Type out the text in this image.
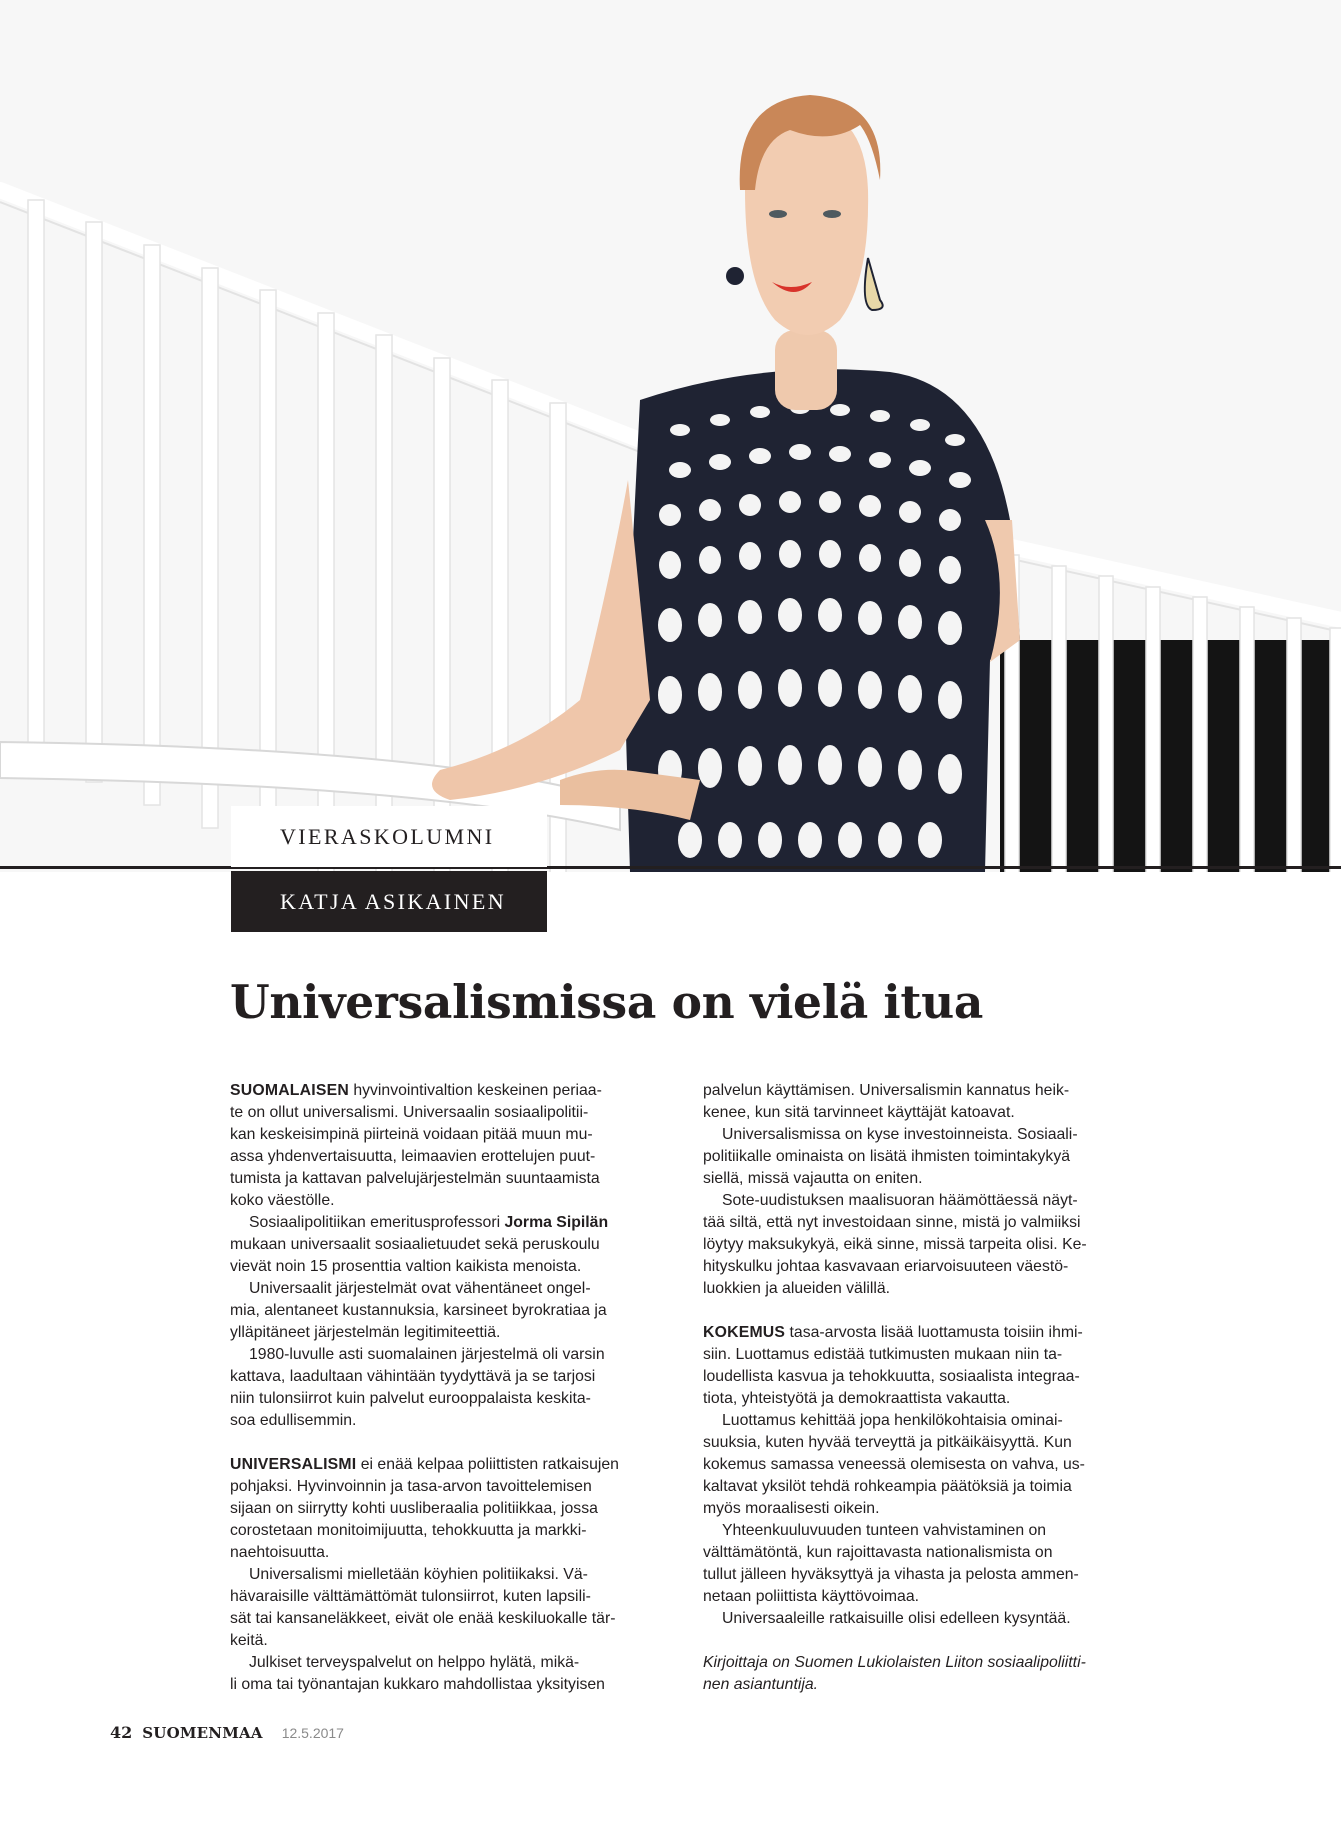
VIERASKOLUMNI
KATJA ASIKAINEN
Universalismissa on vielä itua

SUOMALAISEN hyvinvointivaltion keskeinen periaa-
te on ollut universalismi. Universaalin sosiaalipolitii-
kan keskeisimpinä piirteinä voidaan pitää muun mu-
assa yhdenvertaisuutta, leimaavien erottelujen puut-
tumista ja kattavan palvelujärjestelmän suuntaamista
koko väestölle.

Sosiaalipolitiikan emeritusprofessori Jorma Sipilän
mukaan universaalit sosiaalietuudet sekä peruskoulu
vievät noin 15 prosenttia valtion kaikista menoista.

Universaalit järjestelmät ovat vähentäneet ongel-
mia, alentaneet kustannuksia, karsineet byrokratiaa ja
ylläpitäneet järjestelmän legitimiteettiä.

1980-luvulle asti suomalainen järjestelmä oli varsin
kattava, laadultaan vähintään tyydyttävä ja se tarjosi
niin tulonsiirrot kuin palvelut eurooppalaista keskita-
soa edullisemmin.

UNIVERSALISMI ei enää kelpaa poliittisten ratkaisujen
pohjaksi. Hyvinvoinnin ja tasa-arvon tavoittelemisen
sijaan on siirrytty kohti uusliberaalia politiikkaa, jossa
corostetaan monitoimijuutta, tehokkuutta ja markki-
naehtoisuutta.

Universalismi mielletään köyhien politiikaksi. Vä-
hävaraisille välttämättömät tulonsiirrot, kuten lapsili-
sät tai kansaneläkkeet, eivät ole enää keskiluokalle tär-
keitä.

Julkiset terveyspalvelut on helppo hylätä, mikä-
li oma tai työnantajan kukkaro mahdollistaa yksityisen

palvelun käyttämisen. Universalismin kannatus heik-
kenee, kun sitä tarvinneet käyttäjät katoavat.

Universalismissa on kyse investoinneista. Sosiaali-
politiikalle ominaista on lisätä ihmisten toimintakykyä
siellä, missä vajautta on eniten.

Sote-uudistuksen maalisuoran häämöttäessä näyt-
tää siltä, että nyt investoidaan sinne, mistä jo valmiiksi
löytyy maksukykyä, eikä sinne, missä tarpeita olisi. Ke-
hityskulku johtaa kasvavaan eriarvoisuuteen väestö-
luokkien ja alueiden välillä.

KOKEMUS tasa-arvosta lisää luottamusta toisiin ihmi-
siin. Luottamus edistää tutkimusten mukaan niin ta-
loudellista kasvua ja tehokkuutta, sosiaalista integraa-
tiota, yhteistyötä ja demokraattista vakautta.

Luottamus kehittää jopa henkilökohtaisia ominai-
suuksia, kuten hyvää terveyttä ja pitkäikäisyyttä. Kun
kokemus samassa veneessä olemisesta on vahva, us-
kaltavat yksilöt tehdä rohkeampia päätöksiä ja toimia
myös moraalisesti oikein.

Yhteenkuuluvuuden tunteen vahvistaminen on
välttämätöntä, kun rajoittavasta nationalismista on
tullut jälleen hyväksyttyä ja vihasta ja pelosta ammen-
netaan poliittista käyttövoimaa.

Universaaleille ratkaisuille olisi edelleen kysyntää.

Kirjoittaja on Suomen Lukiolaisten Liiton sosiaalipoliitti-
nen asiantuntija.

42 SUOMENMAA 12.5.2017
